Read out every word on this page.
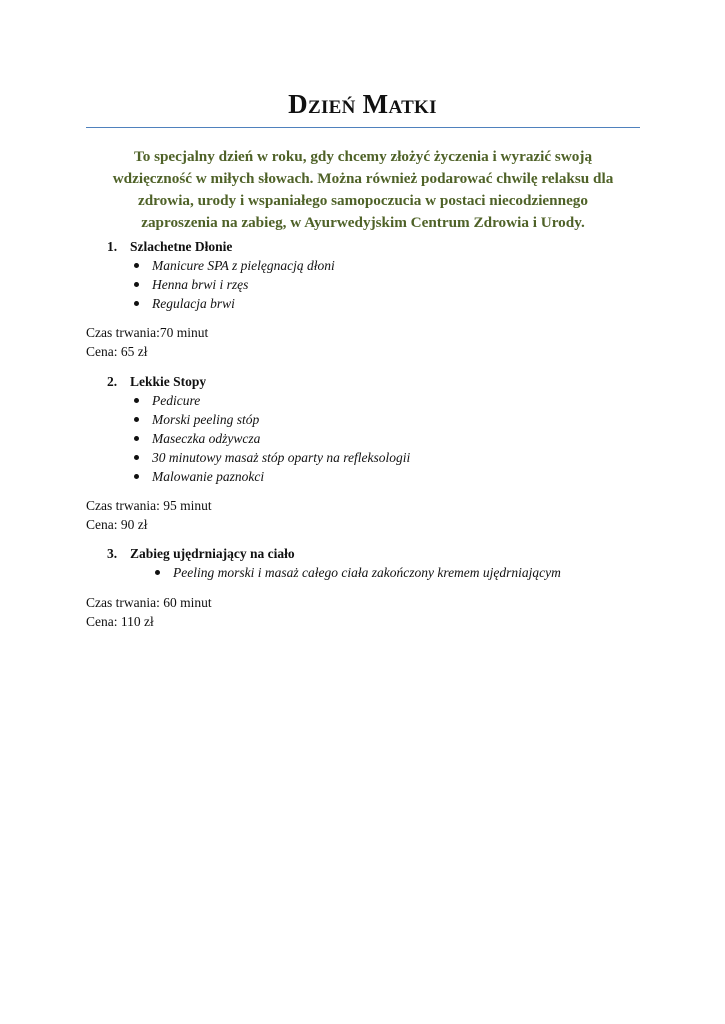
Dzień Matki
To specjalny dzień w roku, gdy chcemy złożyć życzenia i wyrazić swoją
wdzięczność w miłych słowach. Można również podarować chwilę relaksu dla
zdrowia, urody i wspaniałego samopoczucia w postaci niecodziennego
zaproszenia na zabieg, w Ayurwedyjskim Centrum Zdrowia i Urody.
1. Szlachetne Dłonie
Manicure SPA z pielęgnacją dłoni
Henna brwi i rzęs
Regulacja brwi
Czas trwania:70 minut
Cena: 65 zł
2. Lekkie Stopy
Pedicure
Morski peeling stóp
Maseczka odżywcza
30 minutowy masaż stóp oparty na refleksologii
Malowanie paznokci
Czas trwania: 95 minut
Cena: 90 zł
3. Zabieg ujędrniający na ciało
Peeling morski i masaż całego ciała zakończony kremem ujędrniającym
Czas trwania: 60 minut
Cena: 110 zł
